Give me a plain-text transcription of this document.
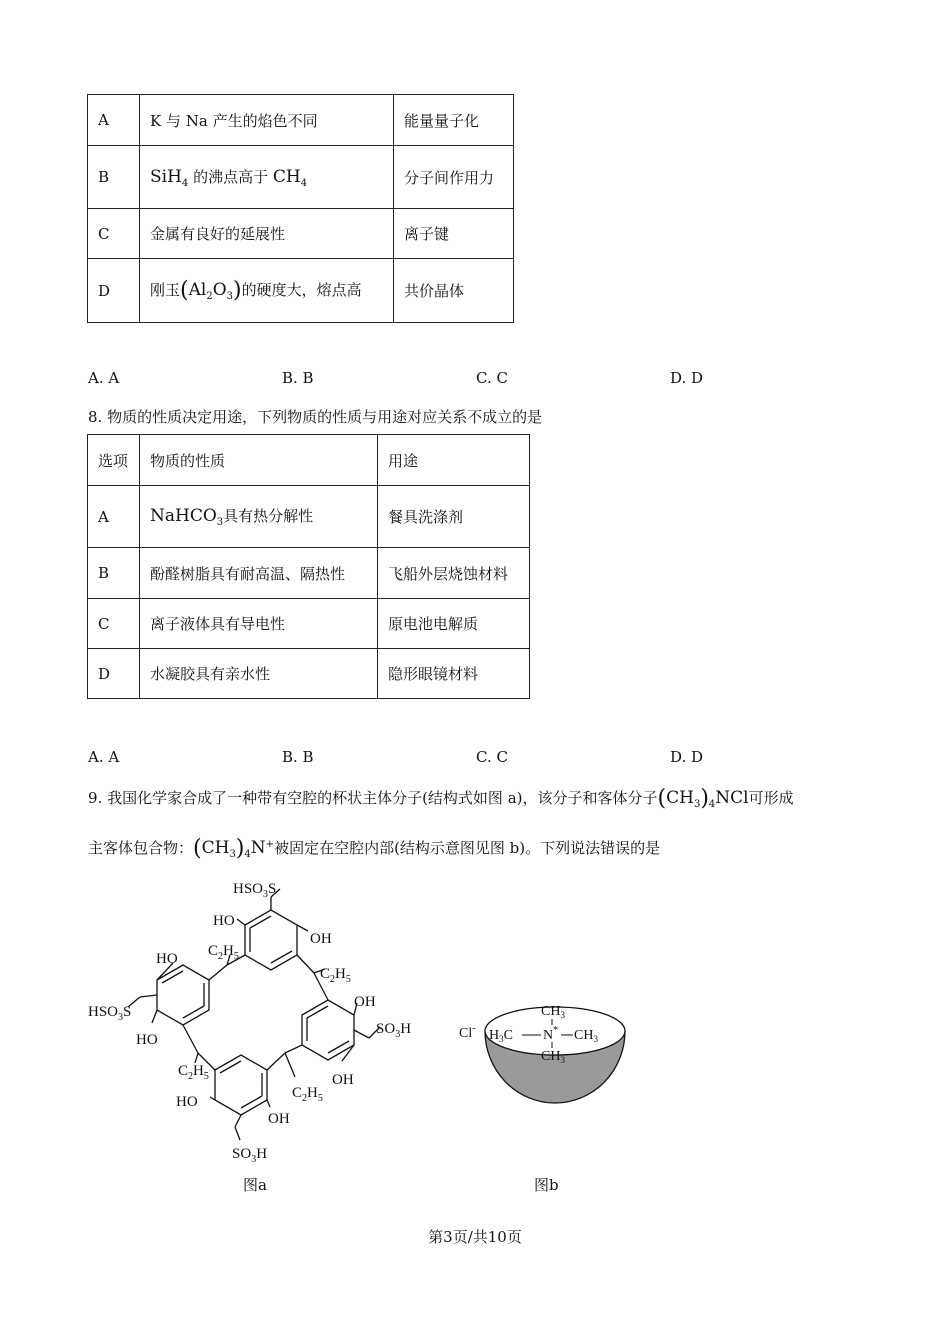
A	K 与 Na 产生的焰色不同	能量量子化
B	SiH$_4$ 的沸点高于 $CH_4$	分子间作用力
C	金属有良好的延展性	离子键
D	刚玉$(Al_2O_3)$的硬度大，熔点高	共价晶体
A. A	B. B	C. C	D. D
8. 物质的性质决定用途，下列物质的性质与用途对应关系不成立的是
选项	物质的性质	用途
A	NaHCO$_3$具有热分解性	餐具洗涤剂
B	酚醛树脂具有耐高温、隔热性	飞船外层烧蚀材料
C	离子液体具有导电性	原电池电解质
D	水凝胶具有亲水性	隐形眼镜材料
A. A	B. B	C. C	D. D
9. 我国化学家合成了一种带有空腔的杯状主体分子(结构式如图 a)，该分子和客体分子$(CH_3)_4NCl$可形成
主客体包合物：$(CH_3)_4N^+$被固定在空腔内部(结构示意图见图 b)。下列说法错误的是
$HSO_3S$
HO
OH
$C_2H_5$
$C_2H_5$
HO
$HSO_3S$
HO
OH
$SO_3H$
OH
$C_2H_5$
$C_2H_5$
HO
OH
$SO_3H$
图a
Cl-
$CH_3$
$H_3C$ N* $CH_3$
$CH_3$
图b
第3页/共10页
